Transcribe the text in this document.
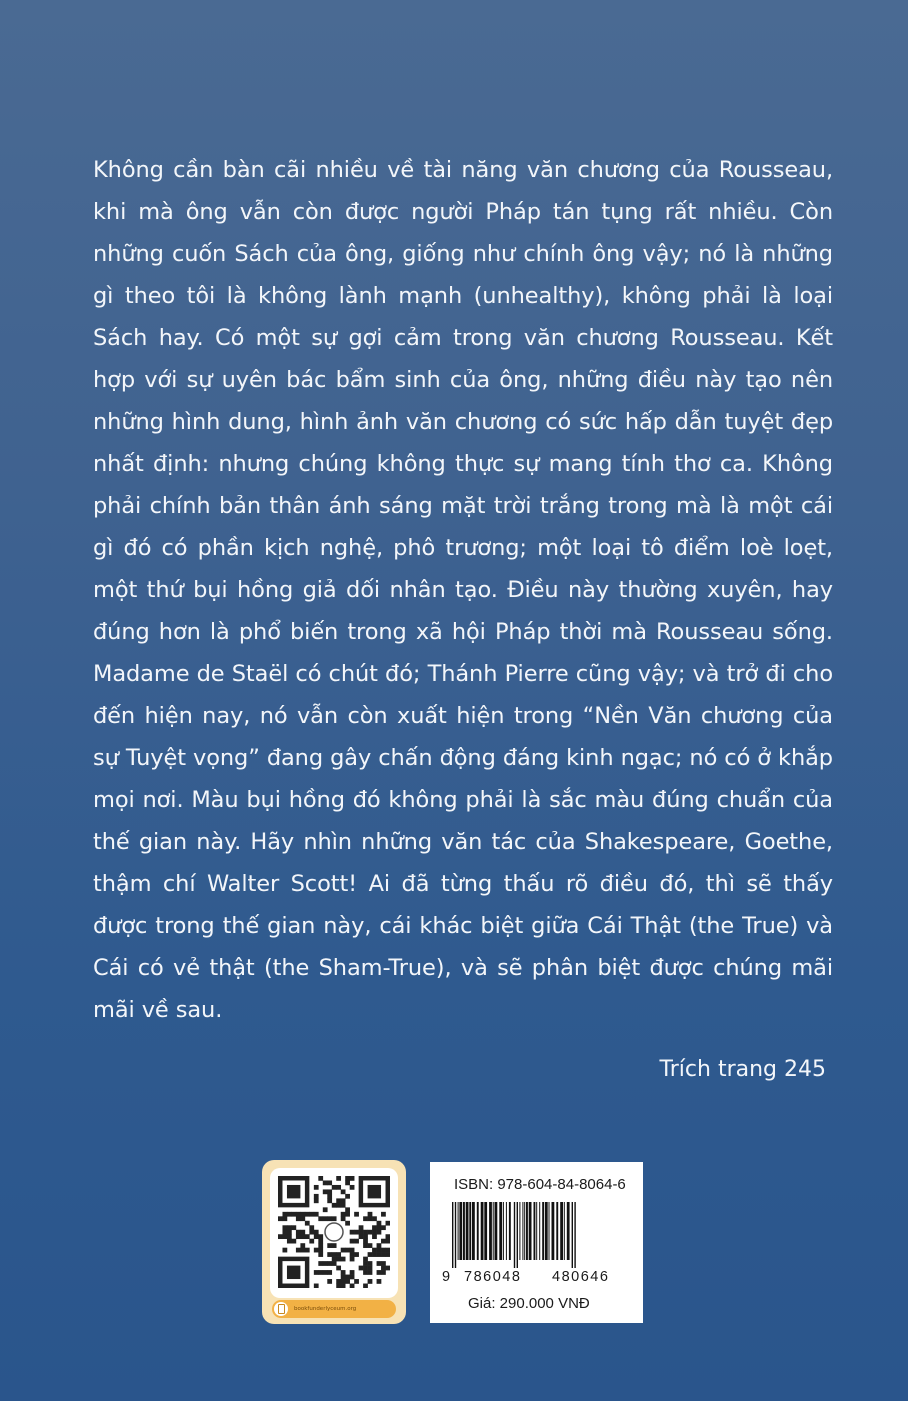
Không cần bàn cãi nhiều về tài năng văn chương của Rousseau, khi mà ông vẫn còn được người Pháp tán tụng rất nhiều. Còn những cuốn Sách của ông, giống như chính ông vậy; nó là những gì theo tôi là không lành mạnh (unhealthy), không phải là loại Sách hay. Có một sự gợi cảm trong văn chương Rousseau. Kết hợp với sự uyên bác bẩm sinh của ông, những điều này tạo nên những hình dung, hình ảnh văn chương có sức hấp dẫn tuyệt đẹp nhất định: nhưng chúng không thực sự mang tính thơ ca. Không phải chính bản thân ánh sáng mặt trời trắng trong mà là một cái gì đó có phần kịch nghệ, phô trương; một loại tô điểm loè loẹt, một thứ bụi hồng giả dối nhân tạo. Điều này thường xuyên, hay đúng hơn là phổ biến trong xã hội Pháp thời mà Rousseau sống. Madame de Staël có chút đó; Thánh Pierre cũng vậy; và trở đi cho đến hiện nay, nó vẫn còn xuất hiện trong “Nền Văn chương của sự Tuyệt vọng” đang gây chấn động đáng kinh ngạc; nó có ở khắp mọi nơi. Màu bụi hồng đó không phải là sắc màu đúng chuẩn của thế gian này. Hãy nhìn những văn tác của Shakespeare, Goethe, thậm chí Walter Scott! Ai đã từng thấu rõ điều đó, thì sẽ thấy được trong thế gian này, cái khác biệt giữa Cái Thật (the True) và Cái có vẻ thật (the Sham-True), và sẽ phân biệt được chúng mãi mãi về sau.

Trích trang 245
bookfunderlyceum.org
ISBN: 978-604-84-8064-6
9 786048 480646
Giá: 290.000 VNĐ
